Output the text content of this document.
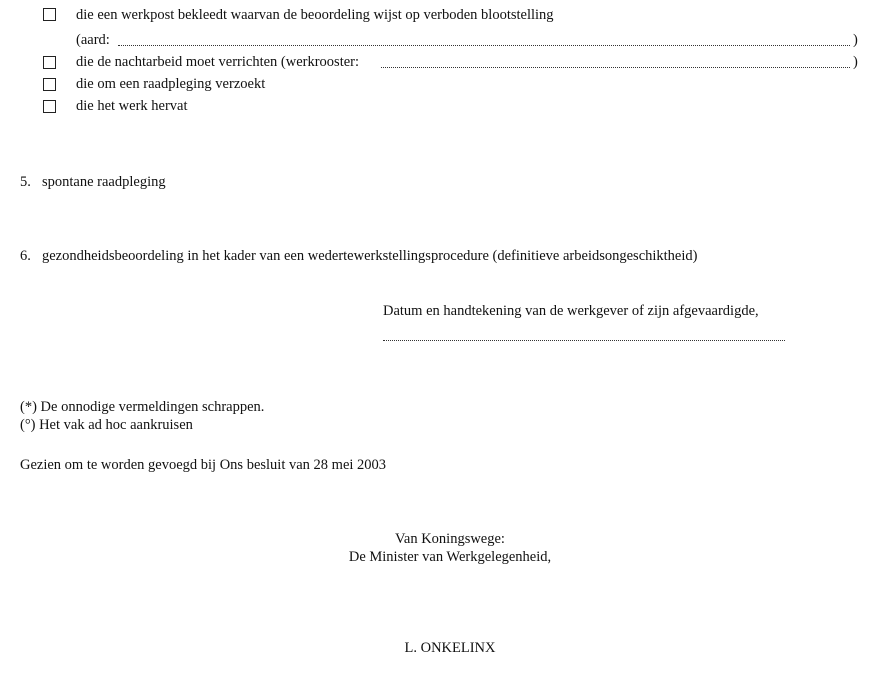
die een werkpost bekleedt waarvan de beoordeling wijst op verboden blootstelling
(aard:	)
die de nachtarbeid moet verrichten (werkrooster:	)
die om een raadpleging verzoekt
die het werk hervat
5. spontane raadpleging
6. gezondheidsbeoordeling in het kader van een wedertewerkstellingsprocedure (definitieve arbeidsongeschiktheid)
Datum en handtekening van de werkgever of zijn afgevaardigde,
(*) De onnodige vermeldingen schrappen.
(°) Het vak ad hoc aankruisen
Gezien om te worden gevoegd bij Ons besluit van 28 mei 2003
Van Koningswege:
De Minister van Werkgelegenheid,
L. ONKELINX
